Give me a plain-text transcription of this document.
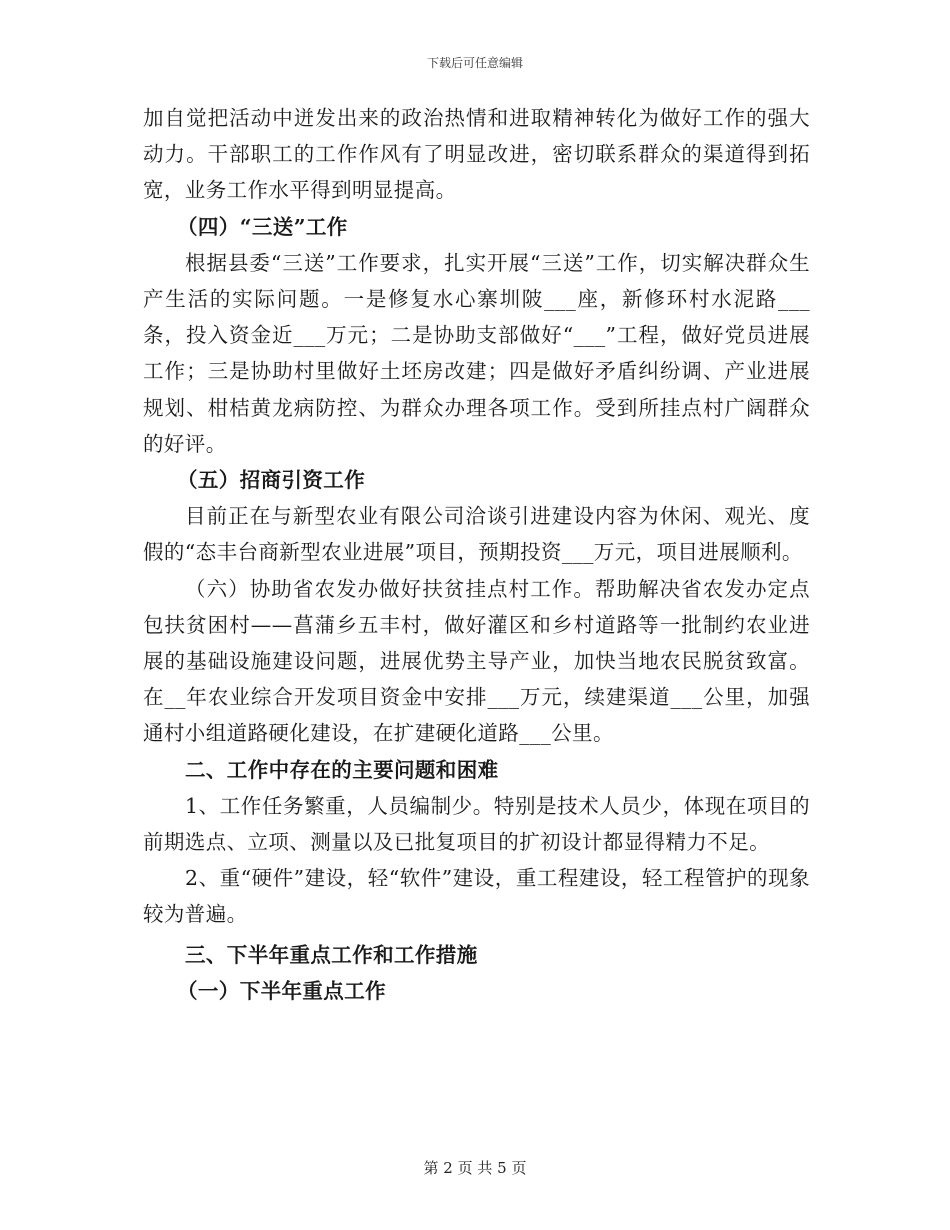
下载后可任意编辑

加自觉把活动中迸发出来的政治热情和进取精神转化为做好工作的强大动力。干部职工的工作作风有了明显改进，密切联系群众的渠道得到拓宽，业务工作水平得到明显提高。

（四）“三送”工作

根据县委“三送”工作要求，扎实开展“三送”工作，切实解决群众生产生活的实际问题。一是修复水心寨圳陂___座，新修环村水泥路___条，投入资金近___万元；二是协助支部做好“___”工程，做好党员进展工作；三是协助村里做好土坯房改建；四是做好矛盾纠纷调、产业进展规划、柑桔黄龙病防控、为群众办理各项工作。受到所挂点村广阔群众的好评。

（五）招商引资工作

目前正在与新型农业有限公司洽谈引进建设内容为休闲、观光、度假的“态丰台商新型农业进展”项目，预期投资___万元，项目进展顺利。

（六）协助省农发办做好扶贫挂点村工作。帮助解决省农发办定点包扶贫困村——菖蒲乡五丰村，做好灌区和乡村道路等一批制约农业进展的基础设施建设问题，进展优势主导产业，加快当地农民脱贫致富。在__年农业综合开发项目资金中安排___万元，续建渠道___公里，加强通村小组道路硬化建设，在扩建硬化道路___公里。

二、工作中存在的主要问题和困难

1、工作任务繁重，人员编制少。特别是技术人员少，体现在项目的前期选点、立项、测量以及已批复项目的扩初设计都显得精力不足。

2、重“硬件”建设，轻“软件”建设，重工程建设，轻工程管护的现象较为普遍。

三、下半年重点工作和工作措施

（一）下半年重点工作

第 2 页 共 5 页
